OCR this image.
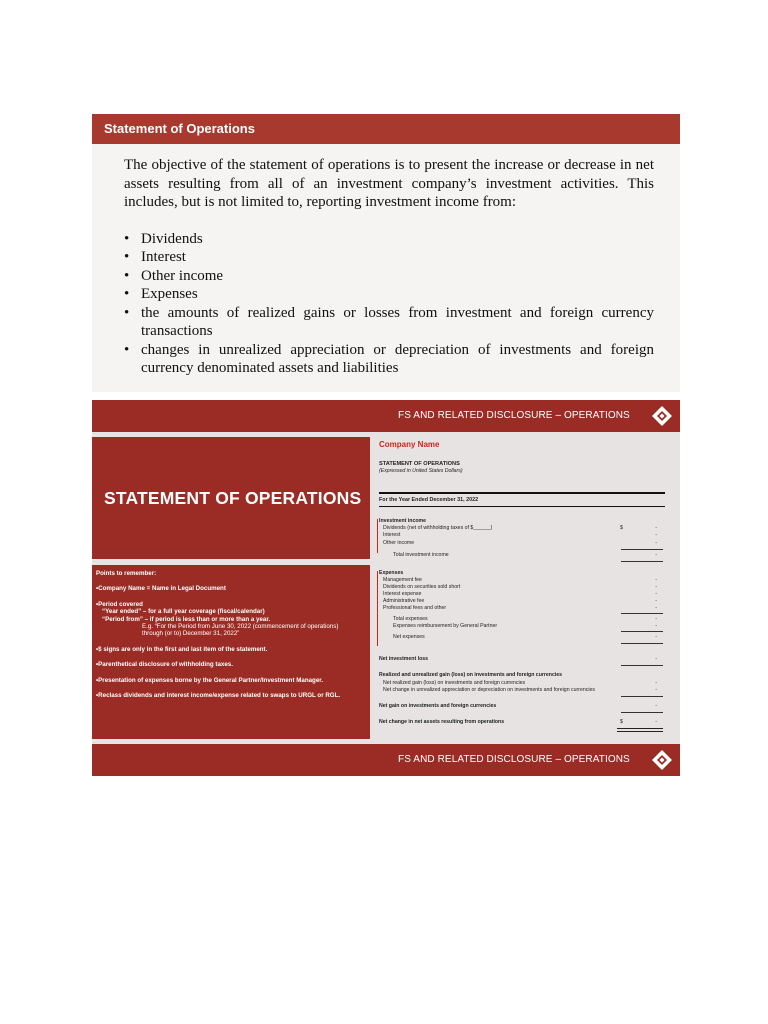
Statement of Operations

The objective of the statement of operations is to present the increase or decrease in net assets resulting from all of an investment company’s investment activities. This includes, but is not limited to, reporting investment income from:

• Dividends
• Interest
• Other income
• Expenses
• the amounts of realized gains or losses from investment and foreign currency transactions
• changes in unrealized appreciation or depreciation of investments and foreign currency denominated assets and liabilities
FS AND RELATED DISCLOSURE – OPERATIONS
STATEMENT OF OPERATIONS
Points to remember:
•Company Name = Name in Legal Document
•Period covered
“Year ended” – for a full year coverage (fiscal/calendar)
“Period from” – if period is less than or more than a year.
E.g. “For the Period from June 30, 2022 (commencement of operations)
through (or to) December 31, 2022”
•$ signs are only in the first and last item of the statement.
•Parenthetical disclosure of withholding taxes.
•Presentation of expenses borne by the General Partner/Investment Manager.
•Reclass dividends and interest income/expense related to swaps to URGL or RGL.
Company Name
STATEMENT OF OPERATIONS
(Expressed in United States Dollars)
For the Year Ended December 31, 2022
Investment income
Dividends (net of withholding taxes of $______)	$	-
Interest	-
Other income	-
Total investment income	-
Expenses
Management fee	-
Dividends on securities sold short	-
Interest expense	-
Administrative fee	-
Professional fees and other	-
Total expenses	-
Expenses reimbursement by General Partner	-
Net expenses	-
Net investment loss	-
Realized and unrealized gain (loss) on investments and foreign currencies
Net realized gain (loss) on investments and foreign currencies	-
Net change in unrealized appreciation or depreciation on investments and foreign currencies	-
Net gain on investments and foreign currencies	-
Net change in net assets resulting from operations	$	-
FS AND RELATED DISCLOSURE – OPERATIONS
